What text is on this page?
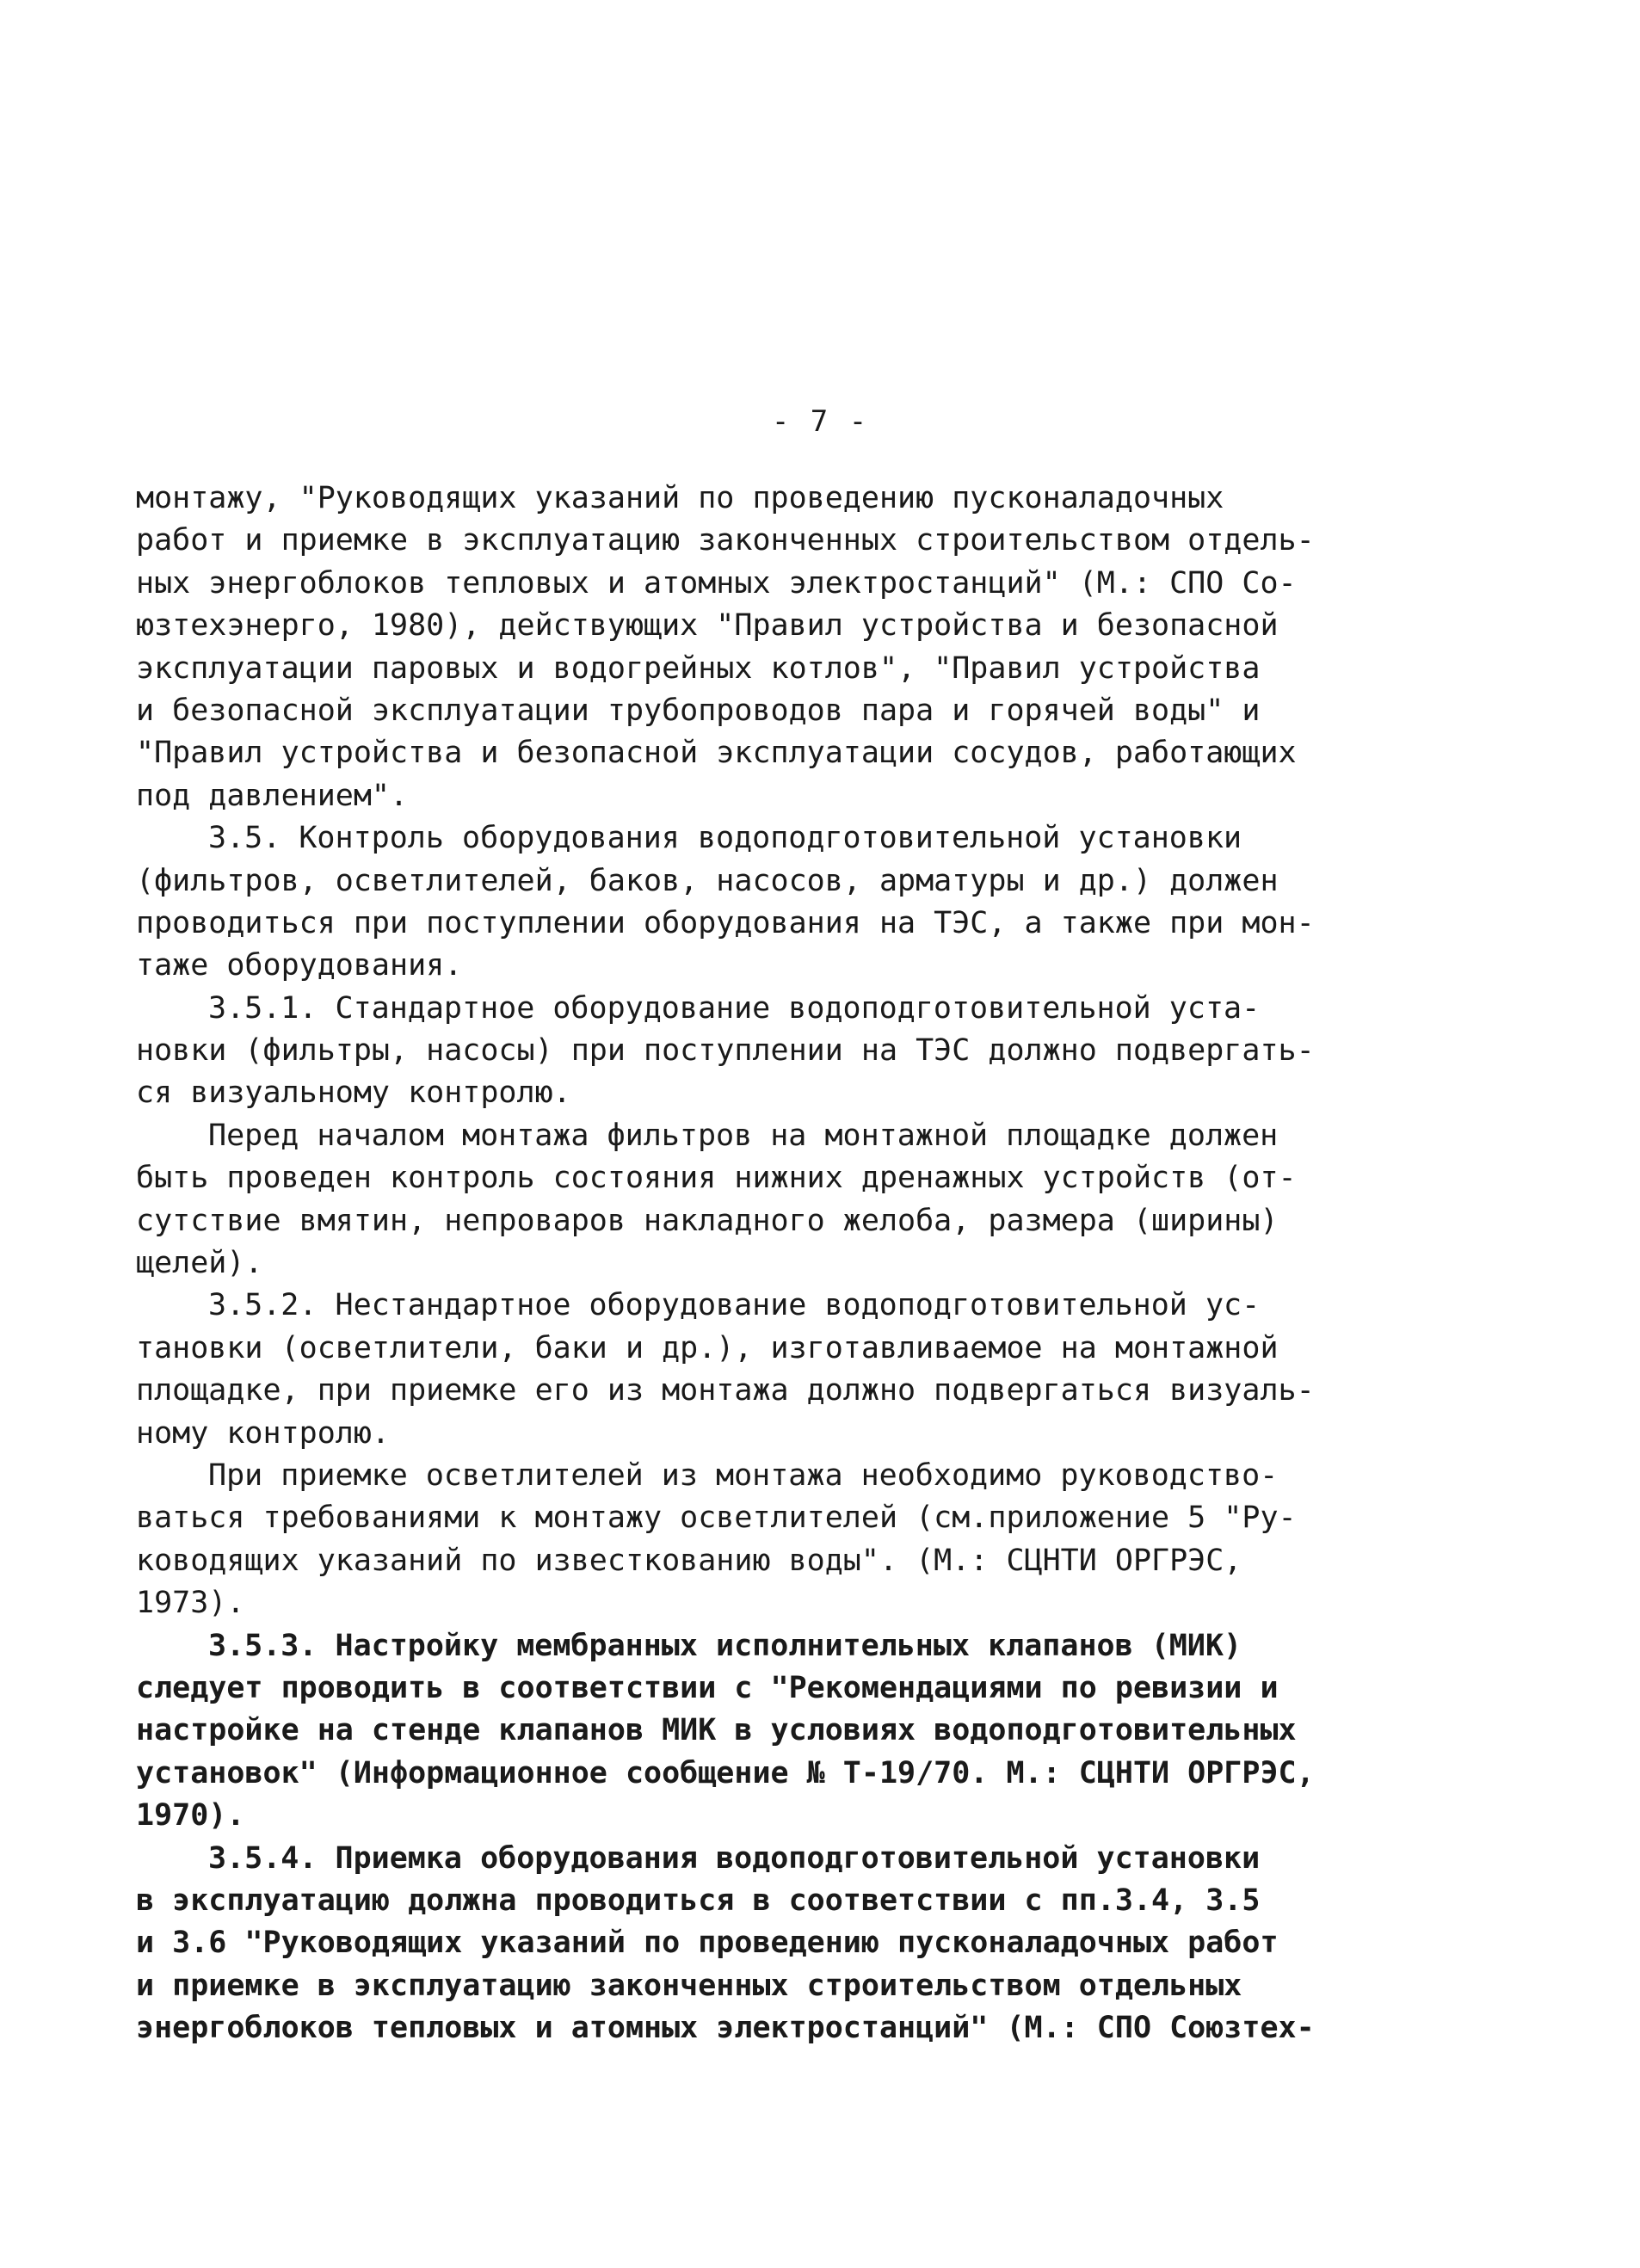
- 7 -
монтажу, "Руководящих указаний по проведению пусконаладочных
работ и приемке в эксплуатацию законченных строительством отдель-
ных энергоблоков тепловых и атомных электростанций" (М.: СПО Со-
юзтехэнерго, 1980), действующих "Правил устройства и безопасной
эксплуатации паровых и водогрейных котлов", "Правил устройства
и безопасной эксплуатации трубопроводов пара и горячей воды" и
"Правил устройства и безопасной эксплуатации сосудов, работающих
под давлением".
3.5. Контроль оборудования водоподготовительной установки
(фильтров, осветлителей, баков, насосов, арматуры и др.) должен
проводиться при поступлении оборудования на ТЭС, а также при мон-
таже оборудования.
3.5.1. Стандартное оборудование водоподготовительной уста-
новки (фильтры, насосы) при поступлении на ТЭС должно подвергать-
ся визуальному контролю.
Перед началом монтажа фильтров на монтажной площадке должен
быть проведен контроль состояния нижних дренажных устройств (от-
сутствие вмятин, непроваров накладного желоба, размера (ширины)
щелей).
3.5.2. Нестандартное оборудование водоподготовительной ус-
тановки (осветлители, баки и др.), изготавливаемое на монтажной
площадке, при приемке его из монтажа должно подвергаться визуаль-
ному контролю.
При приемке осветлителей из монтажа необходимо руководство-
ваться требованиями к монтажу осветлителей (см.приложение 5 "Ру-
ководящих указаний по известкованию воды". (М.: СЦНТИ ОРГРЭС,
1973).
3.5.3. Настройку мембранных исполнительных клапанов (МИК)
следует проводить в соответствии с "Рекомендациями по ревизии и
настройке на стенде клапанов МИК в условиях водоподготовительных
установок" (Информационное сообщение № Т-19/70. М.: СЦНТИ ОРГРЭС,
1970).
3.5.4. Приемка оборудования водоподготовительной установки
в эксплуатацию должна проводиться в соответствии с пп.3.4, 3.5
и 3.6 "Руководящих указаний по проведению пусконаладочных работ
и приемке в эксплуатацию законченных строительством отдельных
энергоблоков тепловых и атомных электростанций" (М.: СПО Союзтех-
